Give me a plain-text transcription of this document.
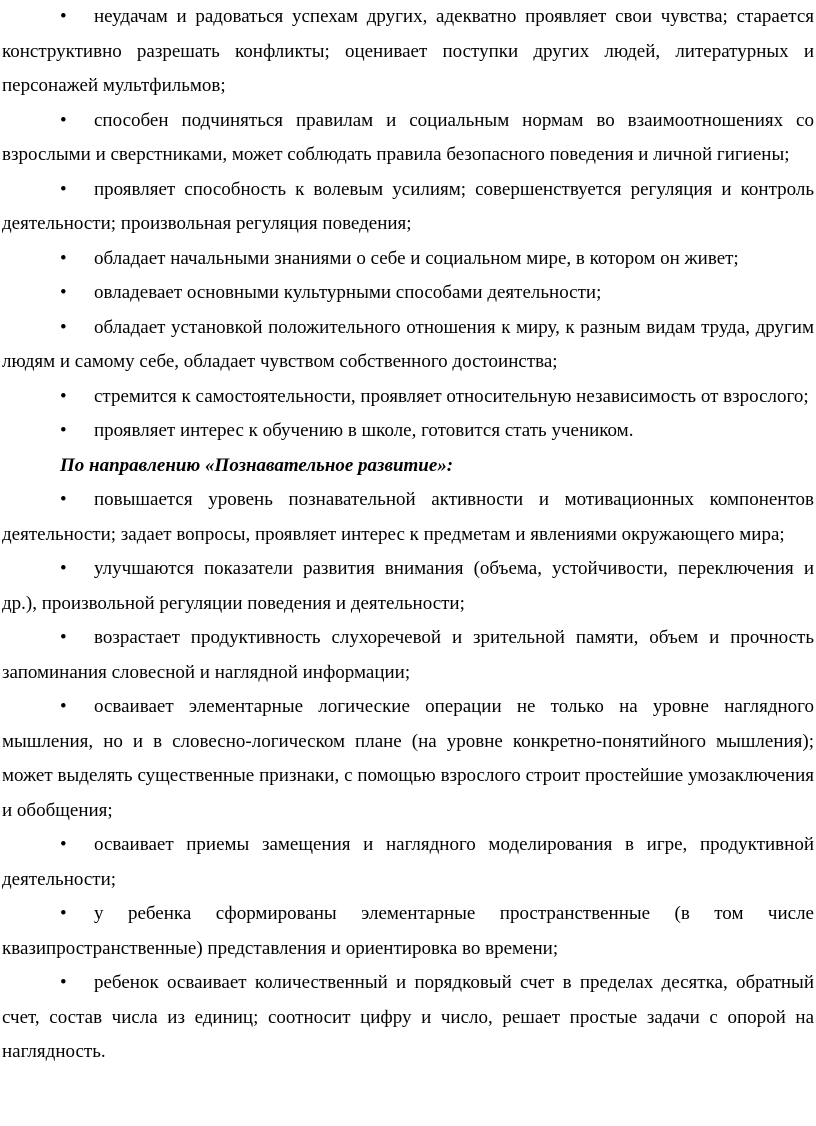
• неудачам и радоваться успехам других, адекватно проявляет свои чувства; старается конструктивно разрешать конфликты; оценивает поступки других людей, литературных и персонажей мультфильмов;

• способен подчиняться правилам и социальным нормам во взаимоотношениях со взрослыми и сверстниками, может соблюдать правила безопасного поведения и личной гигиены;

• проявляет способность к волевым усилиям; совершенствуется регуляция и контроль деятельности; произвольная регуляция поведения;

• обладает начальными знаниями о себе и социальном мире, в котором он живет;

• овладевает основными культурными способами деятельности;

• обладает установкой положительного отношения к миру, к разным видам труда, другим людям и самому себе, обладает чувством собственного достоинства;

• стремится к самостоятельности, проявляет относительную независимость от взрослого;

• проявляет интерес к обучению в школе, готовится стать учеником.

По направлению «Познавательное развитие»:

• повышается уровень познавательной активности и мотивационных компонентов деятельности; задает вопросы, проявляет интерес к предметам и явлениями окружающего мира;

• улучшаются показатели развития внимания (объема, устойчивости, переключения и др.), произвольной регуляции поведения и деятельности;

• возрастает продуктивность слухоречевой и зрительной памяти, объем и прочность запоминания словесной и наглядной информации;

• осваивает элементарные логические операции не только на уровне наглядного мышления, но и в словесно-логическом плане (на уровне конкретно-понятийного мышления); может выделять существенные признаки, с помощью взрослого строит простейшие умозаключения и обобщения;

• осваивает приемы замещения и наглядного моделирования в игре, продуктивной деятельности;

• у ребенка сформированы элементарные пространственные (в том числе квазипространственные) представления и ориентировка во времени;

• ребенок осваивает количественный и порядковый счет в пределах десятка, обратный счет, состав числа из единиц; соотносит цифру и число, решает простые задачи с опорой на наглядность.
